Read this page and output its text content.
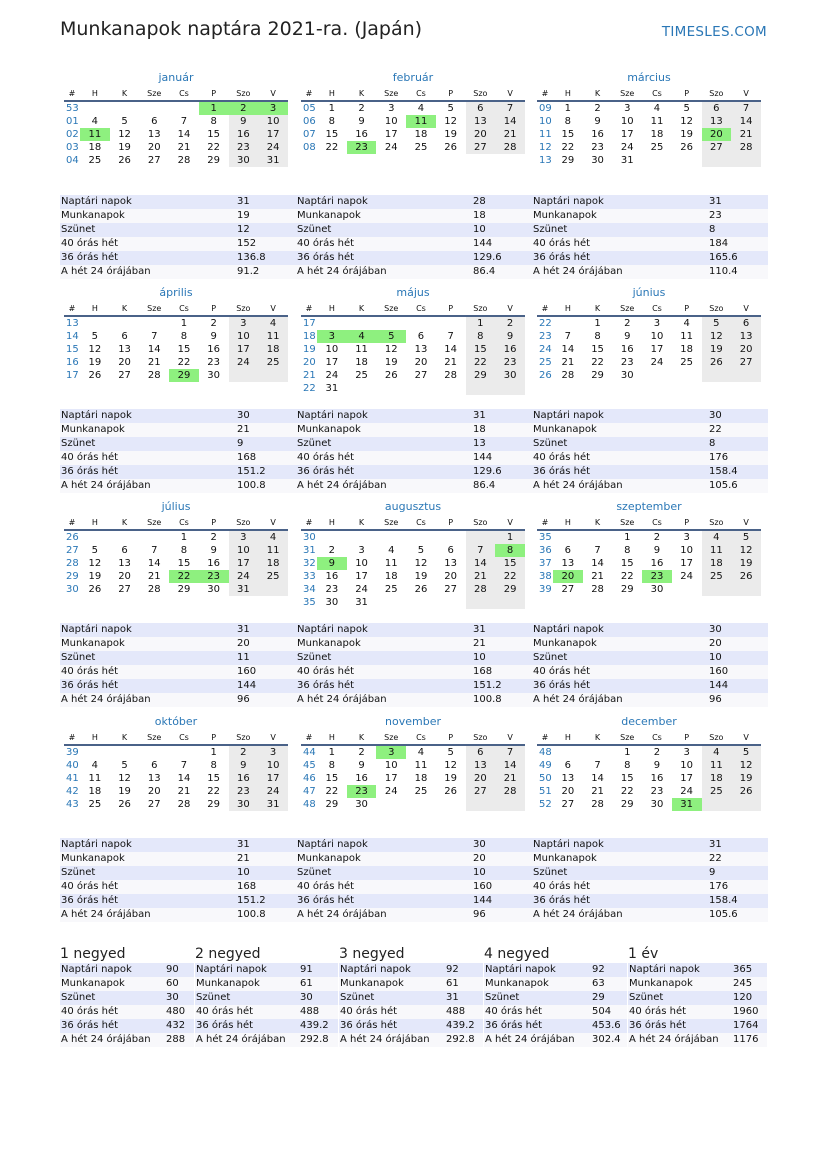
Munkanapok naptára 2021-ra. (Japán)	TIMESLES.COM
január
#	H	K	Sze	Cs	P	Szo	V
53					1	2	3
01	4	5	6	7	8	9	10
02	11	12	13	14	15	16	17
03	18	19	20	21	22	23	24
04	25	26	27	28	29	30	31
Naptári napok	31
Munkanapok	19
Szünet	12
40 órás hét	152
36 órás hét	136.8
A hét 24 órájában	91.2
február
#	H	K	Sze	Cs	P	Szo	V
05	1	2	3	4	5	6	7
06	8	9	10	11	12	13	14
07	15	16	17	18	19	20	21
08	22	23	24	25	26	27	28
Naptári napok	28
Munkanapok	18
Szünet	10
40 órás hét	144
36 órás hét	129.6
A hét 24 órájában	86.4
március
#	H	K	Sze	Cs	P	Szo	V
09	1	2	3	4	5	6	7
10	8	9	10	11	12	13	14
11	15	16	17	18	19	20	21
12	22	23	24	25	26	27	28
13	29	30	31				
Naptári napok	31
Munkanapok	23
Szünet	8
40 órás hét	184
36 órás hét	165.6
A hét 24 órájában	110.4
április
#	H	K	Sze	Cs	P	Szo	V
13				1	2	3	4
14	5	6	7	8	9	10	11
15	12	13	14	15	16	17	18
16	19	20	21	22	23	24	25
17	26	27	28	29	30		
Naptári napok	30
Munkanapok	21
Szünet	9
40 órás hét	168
36 órás hét	151.2
A hét 24 órájában	100.8
május
#	H	K	Sze	Cs	P	Szo	V
17						1	2
18	3	4	5	6	7	8	9
19	10	11	12	13	14	15	16
20	17	18	19	20	21	22	23
21	24	25	26	27	28	29	30
22	31						
Naptári napok	31
Munkanapok	18
Szünet	13
40 órás hét	144
36 órás hét	129.6
A hét 24 órájában	86.4
június
#	H	K	Sze	Cs	P	Szo	V
22		1	2	3	4	5	6
23	7	8	9	10	11	12	13
24	14	15	16	17	18	19	20
25	21	22	23	24	25	26	27
26	28	29	30				
Naptári napok	30
Munkanapok	22
Szünet	8
40 órás hét	176
36 órás hét	158.4
A hét 24 órájában	105.6
július
#	H	K	Sze	Cs	P	Szo	V
26				1	2	3	4
27	5	6	7	8	9	10	11
28	12	13	14	15	16	17	18
29	19	20	21	22	23	24	25
30	26	27	28	29	30	31	
Naptári napok	31
Munkanapok	20
Szünet	11
40 órás hét	160
36 órás hét	144
A hét 24 órájában	96
augusztus
#	H	K	Sze	Cs	P	Szo	V
30							1
31	2	3	4	5	6	7	8
32	9	10	11	12	13	14	15
33	16	17	18	19	20	21	22
34	23	24	25	26	27	28	29
35	30	31					
Naptári napok	31
Munkanapok	21
Szünet	10
40 órás hét	168
36 órás hét	151.2
A hét 24 órájában	100.8
szeptember
#	H	K	Sze	Cs	P	Szo	V
35			1	2	3	4	5
36	6	7	8	9	10	11	12
37	13	14	15	16	17	18	19
38	20	21	22	23	24	25	26
39	27	28	29	30			
Naptári napok	30
Munkanapok	20
Szünet	10
40 órás hét	160
36 órás hét	144
A hét 24 órájában	96
október
#	H	K	Sze	Cs	P	Szo	V
39					1	2	3
40	4	5	6	7	8	9	10
41	11	12	13	14	15	16	17
42	18	19	20	21	22	23	24
43	25	26	27	28	29	30	31
Naptári napok	31
Munkanapok	21
Szünet	10
40 órás hét	168
36 órás hét	151.2
A hét 24 órájában	100.8
november
#	H	K	Sze	Cs	P	Szo	V
44	1	2	3	4	5	6	7
45	8	9	10	11	12	13	14
46	15	16	17	18	19	20	21
47	22	23	24	25	26	27	28
48	29	30					
Naptári napok	30
Munkanapok	20
Szünet	10
40 órás hét	160
36 órás hét	144
A hét 24 órájában	96
december
#	H	K	Sze	Cs	P	Szo	V
48			1	2	3	4	5
49	6	7	8	9	10	11	12
50	13	14	15	16	17	18	19
51	20	21	22	23	24	25	26
52	27	28	29	30	31		
Naptári napok	31
Munkanapok	22
Szünet	9
40 órás hét	176
36 órás hét	158.4
A hét 24 órájában	105.6
1 negyed
Naptári napok	90
Munkanapok	60
Szünet	30
40 órás hét	480
36 órás hét	432
A hét 24 órájában	288
2 negyed
Naptári napok	91
Munkanapok	61
Szünet	30
40 órás hét	488
36 órás hét	439.2
A hét 24 órájában	292.8
3 negyed
Naptári napok	92
Munkanapok	61
Szünet	31
40 órás hét	488
36 órás hét	439.2
A hét 24 órájában	292.8
4 negyed
Naptári napok	92
Munkanapok	63
Szünet	29
40 órás hét	504
36 órás hét	453.6
A hét 24 órájában	302.4
1 év
Naptári napok	365
Munkanapok	245
Szünet	120
40 órás hét	1960
36 órás hét	1764
A hét 24 órájában	1176
